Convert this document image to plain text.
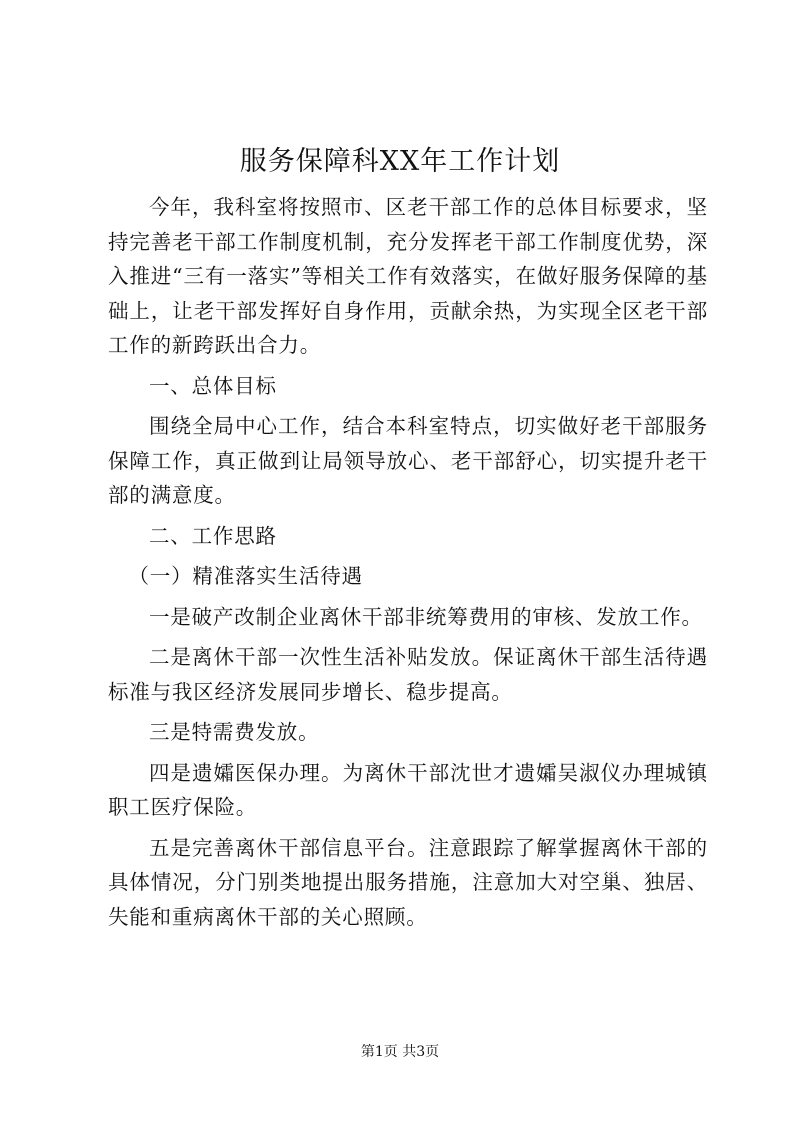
服务保障科XX年工作计划

今年，我科室将按照市、区老干部工作的总体目标要求，坚持完善老干部工作制度机制，充分发挥老干部工作制度优势，深入推进“三有一落实”等相关工作有效落实，在做好服务保障的基础上，让老干部发挥好自身作用，贡献余热，为实现全区老干部工作的新跨跃出合力。

一、总体目标

围绕全局中心工作，结合本科室特点，切实做好老干部服务保障工作，真正做到让局领导放心、老干部舒心，切实提升老干部的满意度。

二、工作思路

（一）精准落实生活待遇

一是破产改制企业离休干部非统筹费用的审核、发放工作。

二是离休干部一次性生活补贴发放。保证离休干部生活待遇标准与我区经济发展同步增长、稳步提高。

三是特需费发放。

四是遗孀医保办理。为离休干部沈世才遗孀吴淑仪办理城镇职工医疗保险。

五是完善离休干部信息平台。注意跟踪了解掌握离休干部的具体情况，分门别类地提出服务措施，注意加大对空巢、独居、失能和重病离休干部的关心照顾。

第1页 共3页
